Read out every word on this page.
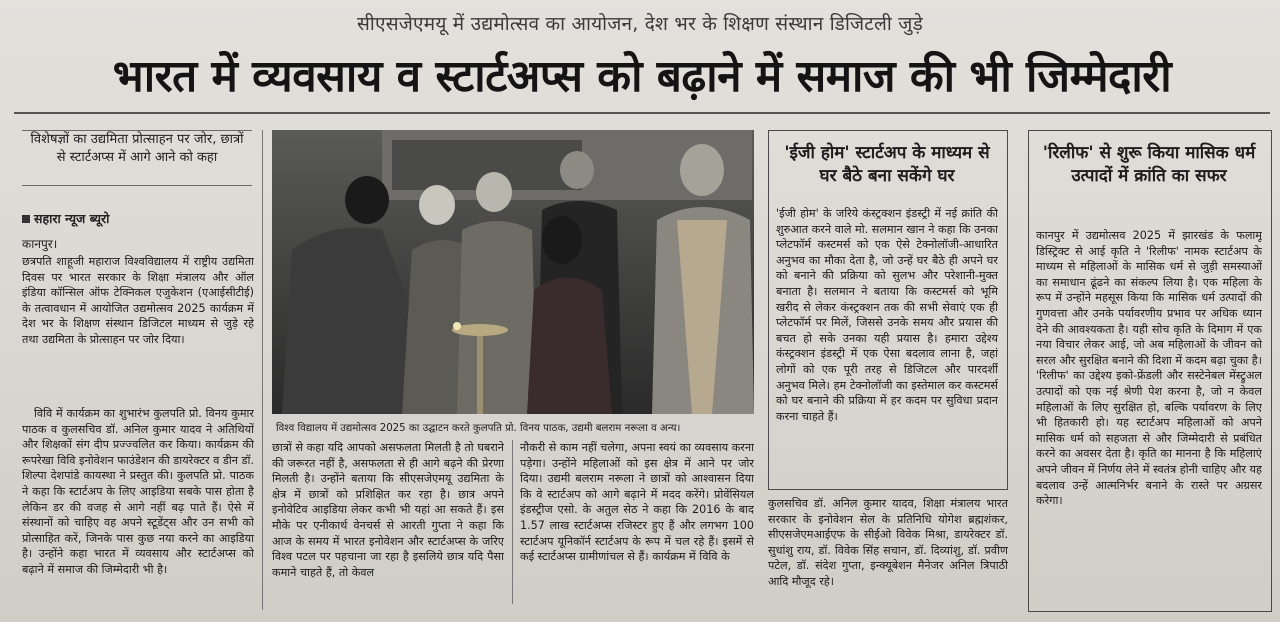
सीएसजेएमयू में उद्यमोत्सव का आयोजन, देश भर के शिक्षण संस्थान डिजिटली जुड़े
भारत में व्यवसाय व स्टार्टअप्स को बढ़ाने में समाज की भी जिम्मेदारी
विशेषज्ञों का उद्यमिता प्रोत्साहन पर जोर, छात्रों से स्टार्टअप्स में आगे आने को कहा
सहारा न्यूज ब्यूरो
कानपुर।
छत्रपति शाहूजी महाराज विश्वविद्यालय में राष्ट्रीय उद्यमिता दिवस पर भारत सरकार के शिक्षा मंत्रालय और ऑल इंडिया कॉन्सिल ऑफ टेक्निकल एजुकेशन (एआईसीटीई) के तत्वावधान में आयोजित उद्यमोत्सव 2025 कार्यक्रम में देश भर के शिक्षण संस्थान डिजिटल माध्यम से जुड़े रहे तथा उद्यमिता के प्रोत्साहन पर जोर दिया।
विवि में कार्यक्रम का शुभारंभ कुलपति प्रो. विनय कुमार पाठक व कुलसचिव डॉ. अनिल कुमार यादव ने अतिथियों और शिक्षकों संग दीप प्रज्ज्वलित कर किया। कार्यक्रम की रूपरेखा विवि इनोवेशन फाउंडेशन की डायरेक्टर व डीन डॉ. शिल्पा देशपांडे कायस्था ने प्रस्तुत की। कुलपति प्रो. पाठक ने कहा कि स्टार्टअप के लिए आइडिया सबके पास होता है लेकिन डर की वजह से आगे नहीं बढ़ पाते हैं। ऐसे में संस्थानों को चाहिए वह अपने स्टूडेंट्स और उन सभी को प्रोत्साहित करें, जिनके पास कुछ नया करने का आइडिया है। उन्होंने कहा भारत में व्यवसाय और स्टार्टअप्स को बढ़ाने में समाज की जिम्मेदारी भी है।
विश्व विद्यालय में उद्यमोत्सव 2025 का उद्घाटन करते कुलपति प्रो. विनय पाठक, उद्यमी बलराम नरूला व अन्य।
छात्रों से कहा यदि आपको असफलता मिलती है तो घबराने की जरूरत नहीं है, असफलता से ही आगे बढ़ने की प्रेरणा मिलती है। उन्होंने बताया कि सीएसजेएमयू उद्यमिता के क्षेत्र में छात्रों को प्रशिक्षित कर रहा है। छात्र अपने इनोवेटिव आइडिया लेकर कभी भी यहां आ सकते हैं। इस मौके पर एनीकार्थ वेनचर्स से आरती गुप्ता ने कहा कि आज के समय में भारत इनोवेशन और स्टार्टअप्स के जरिए विश्व पटल पर पहचाना जा रहा है इसलिये छात्र यदि पैसा कमाने चाहते हैं, तो केवल
नौकरी से काम नहीं चलेगा, अपना स्वयं का व्यवसाय करना पड़ेगा। उन्होंने महिलाओं को इस क्षेत्र में आने पर जोर दिया। उद्यमी बलराम नरूला ने छात्रों को आश्वासन दिया कि वे स्टार्टअप को आगे बढ़ाने में मदद करेंगे। प्रोवेंसियल इंडस्ट्रीज एसो. के अतुल सेठ ने कहा कि 2016 के बाद 1.57 लाख स्टार्टअप्स रजिस्टर हुए हैं और लगभग 100 स्टार्टअप यूनिकॉर्न स्टार्टअप के रूप में चल रहे हैं। इसमें से कई स्टार्टअप्स ग्रामीणांचल से हैं। कार्यक्रम में विवि के
'ईजी होम' स्टार्टअप के माध्यम से घर बैठे बना सकेंगे घर
'ईजी होम' के जरिये कंस्ट्रक्शन इंडस्ट्री में नई क्रांति की शुरुआत करने वाले मो. सलमान खान ने कहा कि उनका प्लेटफॉर्म कस्टमर्स को एक ऐसे टेक्नोलॉजी-आधारित अनुभव का मौका देता है, जो उन्हें घर बैठे ही अपने घर को बनाने की प्रक्रिया को सुलभ और परेशानी-मुक्त बनाता है। सलमान ने बताया कि कस्टमर्स को भूमि खरीद से लेकर कंस्ट्रक्शन तक की सभी सेवाएं एक ही प्लेटफॉर्म पर मिलें, जिससे उनके समय और प्रयास की बचत हो सके उनका यही प्रयास है। हमारा उद्देश्य कंस्ट्रक्शन इंडस्ट्री में एक ऐसा बदलाव लाना है, जहां लोगों को एक पूरी तरह से डिजिटल और पारदर्शी अनुभव मिले। हम टेक्नोलॉजी का इस्तेमाल कर कस्टमर्स को घर बनाने की प्रक्रिया में हर कदम पर सुविधा प्रदान करना चाहते हैं।
कुलसचिव डॉ. अनिल कुमार यादव, शिक्षा मंत्रालय भारत सरकार के इनोवेशन सेल के प्रतिनिधि योगेश ब्रह्मशंकर, सीएसजेएमआईएफ के सीईओ विवेक मिश्रा, डायरेक्टर डॉ. सुधांशु राय, डॉ. विवेक सिंह सचान, डॉ. दिव्यांशु, डॉ. प्रवीण पटेल, डॉ. संदेश गुप्ता, इन्क्यूबेशन मैनेजर अनिल त्रिपाठी आदि मौजूद रहे।
'रिलीफ' से शुरू किया मासिक धर्म उत्पादों में क्रांति का सफर
कानपुर में उद्यमोत्सव 2025 में झारखंड के फलामू डिस्ट्रिक्ट से आई कृति ने 'रिलीफ' नामक स्टार्टअप के माध्यम से महिलाओं के मासिक धर्म से जुड़ी समस्याओं का समाधान ढूंढने का संकल्प लिया है। एक महिला के रूप में उन्होंने महसूस किया कि मासिक धर्म उत्पादों की गुणवत्ता और उनके पर्यावरणीय प्रभाव पर अधिक ध्यान देने की आवश्यकता है। यही सोच कृति के दिमाग में एक नया विचार लेकर आई, जो अब महिलाओं के जीवन को सरल और सुरक्षित बनाने की दिशा में कदम बढ़ा चुका है। 'रिलीफ' का उद्देश्य इको-फ्रेंडली और सस्टेनेबल मेंस्ट्रुअल उत्पादों को एक नई श्रेणी पेश करना है, जो न केवल महिलाओं के लिए सुरक्षित हो, बल्कि पर्यावरण के लिए भी हितकारी हो। यह स्टार्टअप महिलाओं को अपने मासिक धर्म को सहजता से और जिम्मेदारी से प्रबंधित करने का अवसर देता है। कृति का मानना है कि महिलाएं अपने जीवन में निर्णय लेने में स्वतंत्र होनी चाहिए और यह बदलाव उन्हें आत्मनिर्भर बनाने के रास्ते पर अग्रसर करेगा।
